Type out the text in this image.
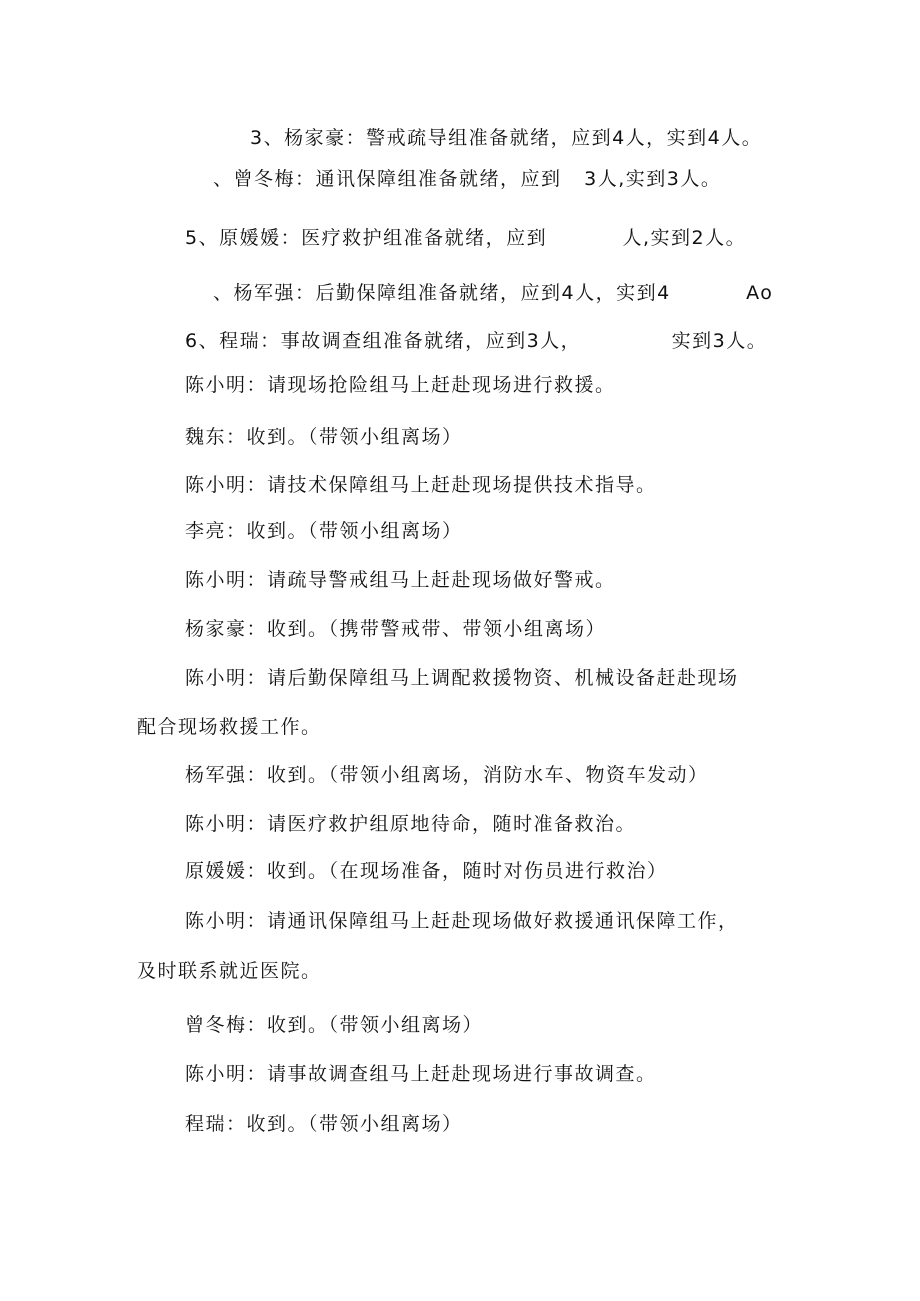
3、杨家豪：警戒疏导组准备就绪，应到4人，实到4人。
、曾冬梅：通讯保障组准备就绪，应到   3人,实到3人。
5、原媛媛：医疗救护组准备就绪，应到          人,实到2人。
、杨军强：后勤保障组准备就绪，应到4人，实到4          Ao
6、程瑞：事故调查组准备就绪，应到3人，            实到3人。
陈小明：请现场抢险组马上赶赴现场进行救援。
魏东：收到。（带领小组离场）
陈小明：请技术保障组马上赶赴现场提供技术指导。
李亮：收到。（带领小组离场）
陈小明：请疏导警戒组马上赶赴现场做好警戒。
杨家豪：收到。（携带警戒带、带领小组离场）
陈小明：请后勤保障组马上调配救援物资、机械设备赶赴现场
配合现场救援工作。
杨军强：收到。（带领小组离场，消防水车、物资车发动）
陈小明：请医疗救护组原地待命，随时准备救治。
原媛媛：收到。（在现场准备，随时对伤员进行救治）
陈小明：请通讯保障组马上赶赴现场做好救援通讯保障工作，
及时联系就近医院。
曾冬梅：收到。（带领小组离场）
陈小明：请事故调查组马上赶赴现场进行事故调查。
程瑞：收到。（带领小组离场）
